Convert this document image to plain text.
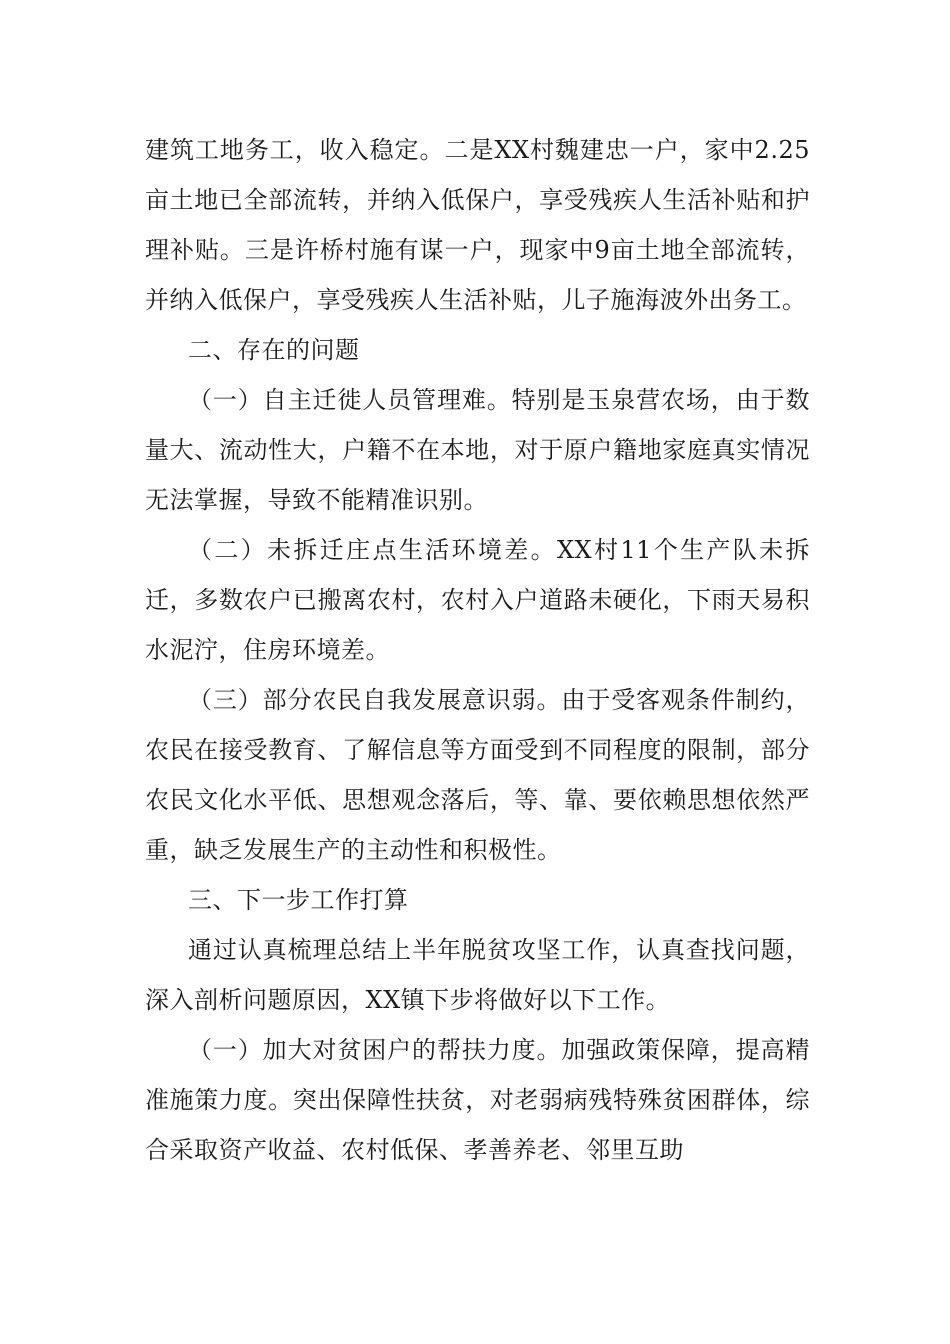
建筑工地务工，收入稳定。二是XX村魏建忠一户，家中2.25亩土地已全部流转，并纳入低保户，享受残疾人生活补贴和护理补贴。三是许桥村施有谋一户，现家中9亩土地全部流转，并纳入低保户，享受残疾人生活补贴，儿子施海波外出务工。

二、存在的问题

（一）自主迁徙人员管理难。特别是玉泉营农场，由于数量大、流动性大，户籍不在本地，对于原户籍地家庭真实情况无法掌握，导致不能精准识别。

（二）未拆迁庄点生活环境差。XX村11个生产队未拆迁，多数农户已搬离农村，农村入户道路未硬化，下雨天易积水泥泞，住房环境差。

（三）部分农民自我发展意识弱。由于受客观条件制约，农民在接受教育、了解信息等方面受到不同程度的限制，部分农民文化水平低、思想观念落后，等、靠、要依赖思想依然严重，缺乏发展生产的主动性和积极性。

三、下一步工作打算

通过认真梳理总结上半年脱贫攻坚工作，认真查找问题，深入剖析问题原因，XX镇下步将做好以下工作。

（一）加大对贫困户的帮扶力度。加强政策保障，提高精准施策力度。突出保障性扶贫，对老弱病残特殊贫困群体，综合采取资产收益、农村低保、孝善养老、邻里互助
